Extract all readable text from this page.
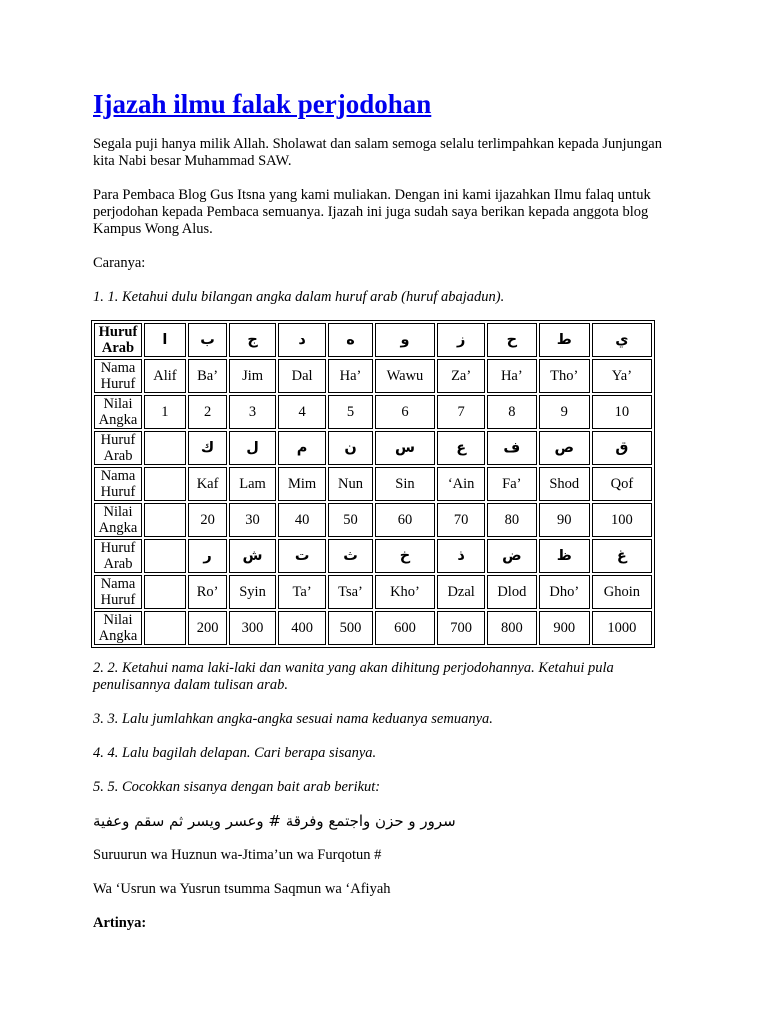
Ijazah ilmu falak perjodohan

Segala puji hanya milik Allah. Sholawat dan salam semoga selalu terlimpahkan kepada Junjungan kita Nabi besar Muhammad SAW.

Para Pembaca Blog Gus Itsna yang kami muliakan. Dengan ini kami ijazahkan Ilmu falaq untuk perjodohan kepada Pembaca semuanya. Ijazah ini juga sudah saya berikan kepada anggota blog Kampus Wong Alus.

Caranya:

1. 1. Ketahui dulu bilangan angka dalam huruf arab (huruf abajadun).

Huruf Arab	ا	ب	ج	د	ه	و	ز	ح	ط	ي
Nama Huruf	Alif	Ba’	Jim	Dal	Ha’	Wawu	Za’	Ha’	Tho’	Ya’
Nilai Angka	1	2	3	4	5	6	7	8	9	10
Huruf Arab		ك	ل	م	ن	س	ع	ف	ص	ق
Nama Huruf		Kaf	Lam	Mim	Nun	Sin	‘Ain	Fa’	Shod	Qof
Nilai Angka		20	30	40	50	60	70	80	90	100
Huruf Arab		ر	ش	ت	ث	خ	ذ	ض	ظ	غ
Nama Huruf		Ro’	Syin	Ta’	Tsa’	Kho’	Dzal	Dlod	Dho’	Ghoin
Nilai Angka		200	300	400	500	600	700	800	900	1000

2. 2. Ketahui nama laki-laki dan wanita yang akan dihitung perjodohannya. Ketahui pula penulisannya dalam tulisan arab.

3. 3. Lalu jumlahkan angka-angka sesuai nama keduanya semuanya.

4. 4. Lalu bagilah delapan. Cari berapa sisanya.

5. 5. Cocokkan sisanya dengan bait arab berikut:

سرور و حزن واجتمع وفرقة # وعسر ويسر ثم سقم وعفية

Suruurun wa Huznun wa-Jtima’un wa Furqotun #

Wa ‘Usrun wa Yusrun tsumma Saqmun wa ‘Afiyah

Artinya:
